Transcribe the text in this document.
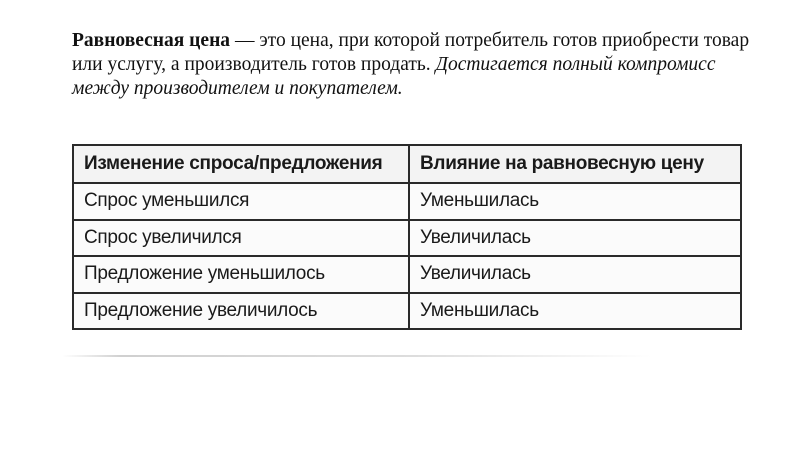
Равновесная цена — это цена, при которой потребитель готов приобрести товар или услугу, а производитель готов продать. Достигается полный компромисс между производителем и покупателем.

Изменение спроса/предложения	Влияние на равновесную цену
Спрос уменьшился	Уменьшилась
Спрос увеличился	Увеличилась
Предложение уменьшилось	Увеличилась
Предложение увеличилось	Уменьшилась
